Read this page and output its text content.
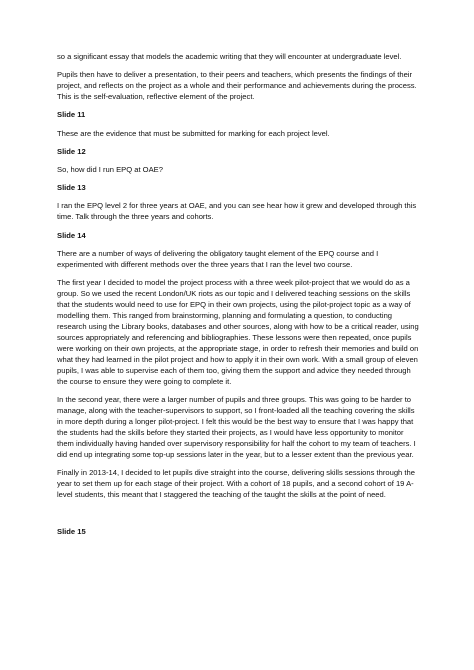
so a significant essay that models the academic writing that they will encounter at undergraduate level.

Pupils then have to deliver a presentation, to their peers and teachers, which presents the findings of their project, and reflects on the project as a whole and their performance and achievements during the process. This is the self-evaluation, reflective element of the project.

Slide 11

These are the evidence that must be submitted for marking for each project level.

Slide 12

So, how did I run EPQ at OAE?

Slide 13

I ran the EPQ level 2 for three years at OAE, and you can see hear how it grew and developed through this time. Talk through the three years and cohorts.

Slide 14

There are a number of ways of delivering the obligatory taught element of the EPQ course and I experimented with different methods over the three years that I ran the level two course.

The first year I decided to model the project process with a three week pilot-project that we would do as a group. So we used the recent London/UK riots as our topic and I delivered teaching sessions on the skills that the students would need to use for EPQ in their own projects, using the pilot-project topic as a way of modelling them. This ranged from brainstorming, planning and formulating a question, to conducting research using the Library books, databases and other sources, along with how to be a critical reader, using sources appropriately and referencing and bibliographies. These lessons were then repeated, once pupils were working on their own projects, at the appropriate stage, in order to refresh their memories and build on what they had learned in the pilot project and how to apply it in their own work. With a small group of eleven pupils, I was able to supervise each of them too, giving them the support and advice they needed through the course to ensure they were going to complete it.

In the second year, there were a larger number of pupils and three groups. This was going to be harder to manage, along with the teacher-supervisors to support, so I front-loaded all the teaching covering the skills in more depth during a longer pilot-project. I felt this would be the best way to ensure that I was happy that the students had the skills before they started their projects, as I would have less opportunity to monitor them individually having handed over supervisory responsibility for half the cohort to my team of teachers. I did end up integrating some top-up sessions later in the year, but to a lesser extent than the previous year.

Finally in 2013-14, I decided to let pupils dive straight into the course, delivering skills sessions through the year to set them up for each stage of their project. With a cohort of 18 pupils, and a second cohort of 19 A-level students, this meant that I staggered the teaching of the taught the skills at the point of need.

Slide 15
